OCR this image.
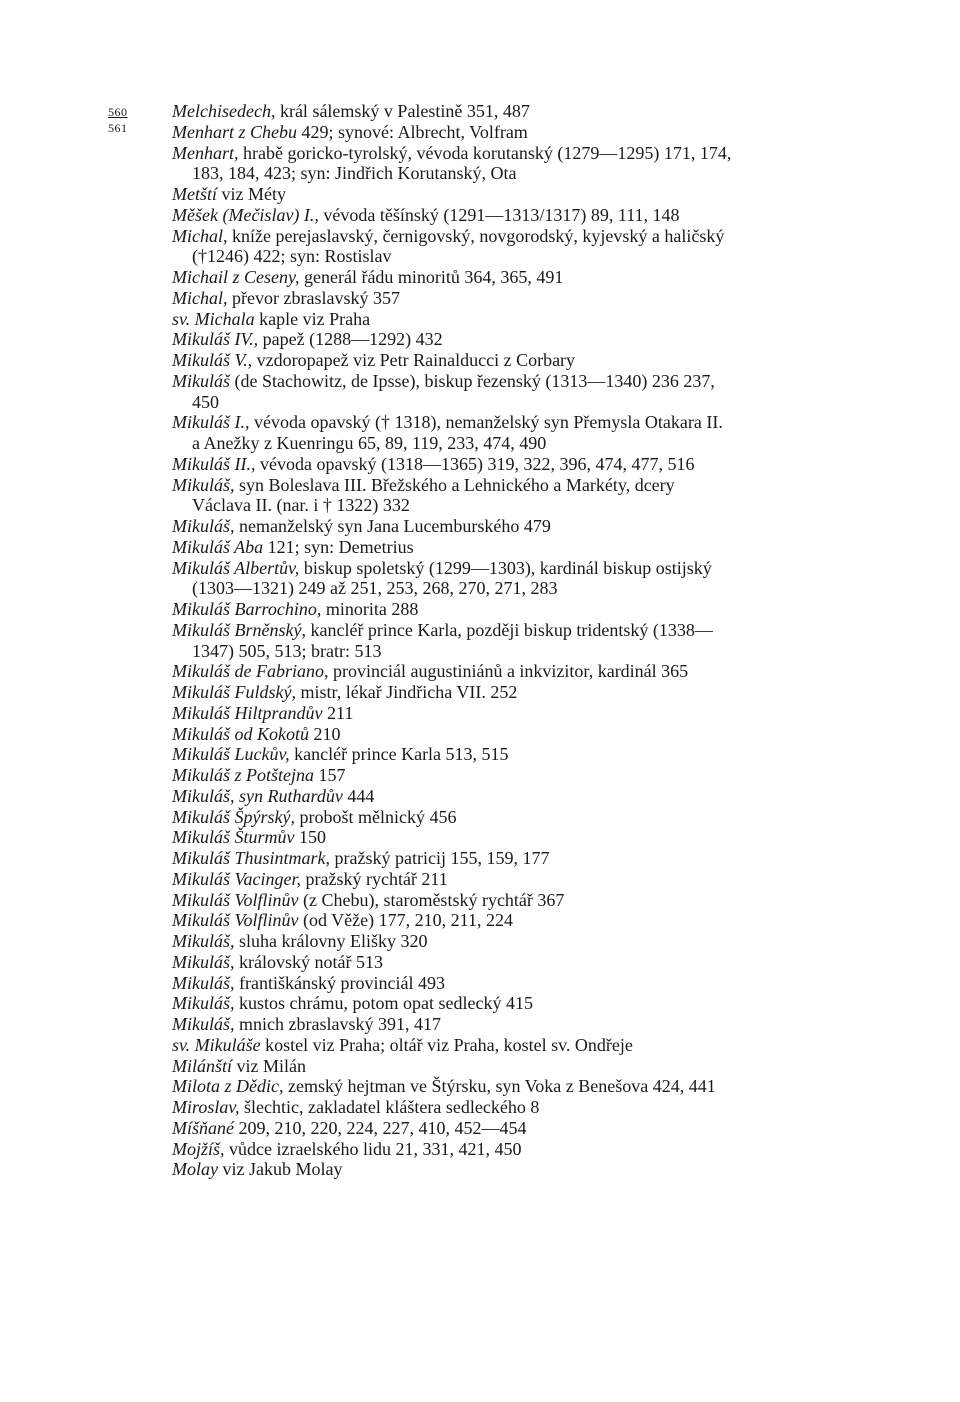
560
561

Melchisedech, král sálemský v Palestině 351, 487

Menhart z Chebu 429; synové: Albrecht, Volfram

Menhart, hrabě goricko-tyrolský, vévoda korutanský (1279—1295) 171, 174, 183, 184, 423; syn: Jindřich Korutanský, Ota

Metští viz Méty

Měšek (Mečislav) I., vévoda těšínský (1291—1313/1317) 89, 111, 148

Michal, kníže perejaslavský, černigovský, novgorodský, kyjevský a haličský (†1246) 422; syn: Rostislav

Michail z Ceseny, generál řádu minoritů 364, 365, 491

Michal, převor zbraslavský 357

sv. Michala kaple viz Praha

Mikuláš IV., papež (1288—1292) 432

Mikuláš V., vzdoropapež viz Petr Rainalducci z Corbary

Mikuláš (de Stachowitz, de Ipsse), biskup řezenský (1313—1340) 236 237, 450

Mikuláš I., vévoda opavský († 1318), nemanželský syn Přemysla Otakara II. a Anežky z Kuenringu 65, 89, 119, 233, 474, 490

Mikuláš II., vévoda opavský (1318—1365) 319, 322, 396, 474, 477, 516

Mikuláš, syn Boleslava III. Břežského a Lehnického a Markéty, dcery Václava II. (nar. i † 1322) 332

Mikuláš, nemanželský syn Jana Lucemburského 479

Mikuláš Aba 121; syn: Demetrius

Mikuláš Albertův, biskup spoletský (1299—1303), kardinál biskup ostijský (1303—1321) 249 až 251, 253, 268, 270, 271, 283

Mikuláš Barrochino, minorita 288

Mikuláš Brněnský, kancléř prince Karla, později biskup tridentský (1338—1347) 505, 513; bratr: 513

Mikuláš de Fabriano, provinciál augustiniánů a inkvizitor, kardinál 365

Mikuláš Fuldský, mistr, lékař Jindřicha VII. 252

Mikuláš Hiltprandův 211

Mikuláš od Kokotů 210

Mikuláš Luckův, kancléř prince Karla 513, 515

Mikuláš z Potštejna 157

Mikuláš, syn Ruthardův 444

Mikuláš Špýrský, probošt mělnický 456

Mikuláš Šturmův 150

Mikuláš Thusintmark, pražský patricij 155, 159, 177

Mikuláš Vacinger, pražský rychtář 211

Mikuláš Volflinův (z Chebu), staroměstský rychtář 367

Mikuláš Volflinův (od Věže) 177, 210, 211, 224

Mikuláš, sluha královny Elišky 320

Mikuláš, královský notář 513

Mikuláš, františkánský provinciál 493

Mikuláš, kustos chrámu, potom opat sedlecký 415

Mikuláš, mnich zbraslavský 391, 417

sv. Mikuláše kostel viz Praha; oltář viz Praha, kostel sv. Ondřeje

Milánští viz Milán

Milota z Dědic, zemský hejtman ve Štýrsku, syn Voka z Benešova 424, 441

Miroslav, šlechtic, zakladatel kláštera sedleckého 8

Míšňané 209, 210, 220, 224, 227, 410, 452—454

Mojžíš, vůdce izraelského lidu 21, 331, 421, 450

Molay viz Jakub Molay
